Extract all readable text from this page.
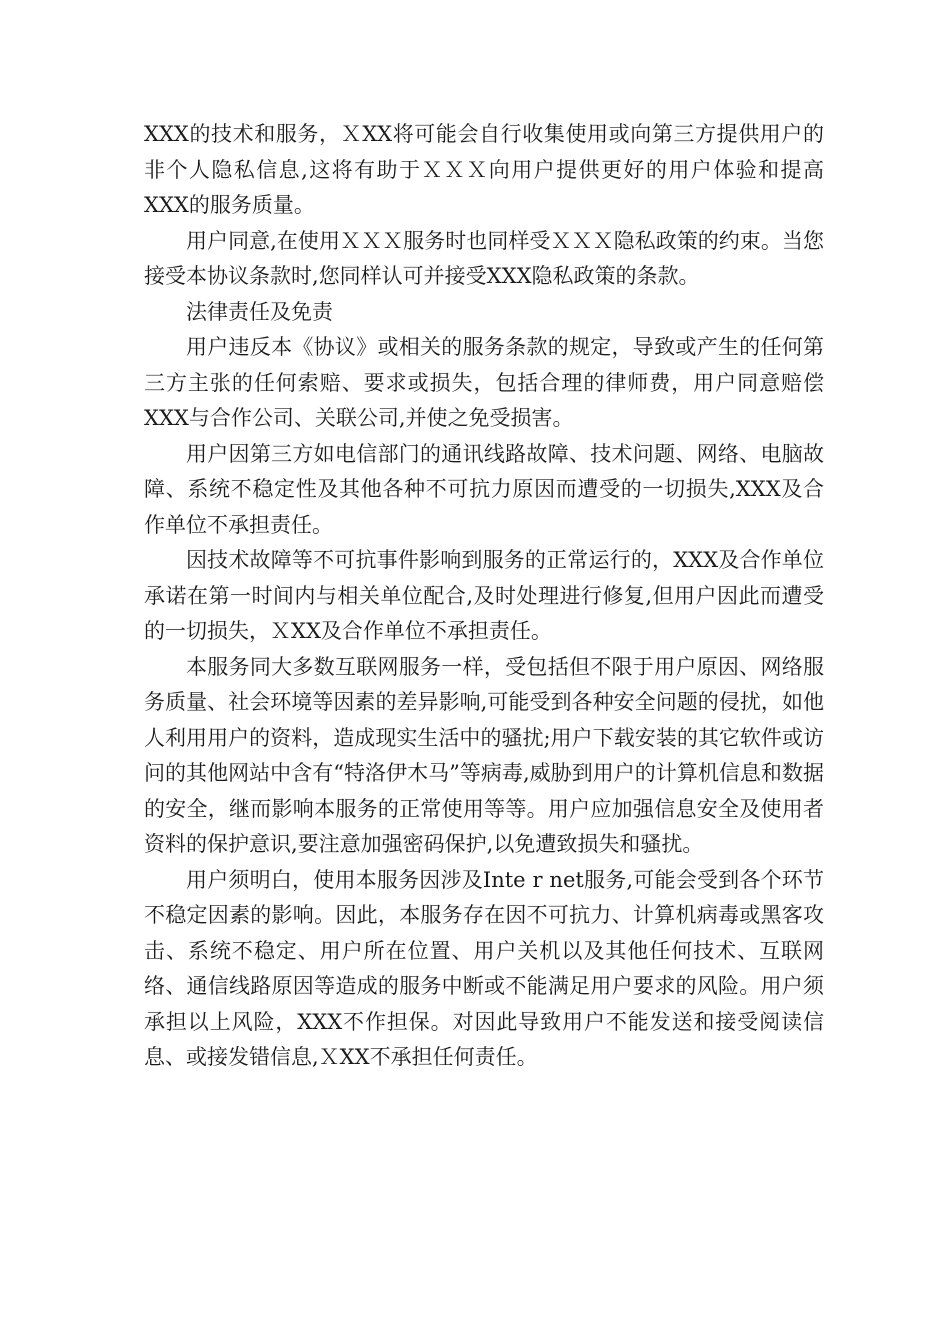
XXX的技术和服务，ＸXX将可能会自行收集使用或向第三方提供用户的非个人隐私信息,这将有助于ＸＸＸ向用户提供更好的用户体验和提高XXX的服务质量。

用户同意,在使用ＸＸＸ服务时也同样受ＸＸＸ隐私政策的约束。当您接受本协议条款时,您同样认可并接受XXX隐私政策的条款。

法律责任及免责

用户违反本《协议》或相关的服务条款的规定，导致或产生的任何第三方主张的任何索赔、要求或损失，包括合理的律师费，用户同意赔偿XXX与合作公司、关联公司,并使之免受损害。

用户因第三方如电信部门的通讯线路故障、技术问题、网络、电脑故障、系统不稳定性及其他各种不可抗力原因而遭受的一切损失,XXX及合作单位不承担责任。

因技术故障等不可抗事件影响到服务的正常运行的，XXX及合作单位承诺在第一时间内与相关单位配合,及时处理进行修复,但用户因此而遭受的一切损失，ＸXX及合作单位不承担责任。

本服务同大多数互联网服务一样，受包括但不限于用户原因、网络服务质量、社会环境等因素的差异影响,可能受到各种安全问题的侵扰，如他人利用用户的资料，造成现实生活中的骚扰;用户下载安装的其它软件或访问的其他网站中含有“特洛伊木马”等病毒,威胁到用户的计算机信息和数据的安全，继而影响本服务的正常使用等等。用户应加强信息安全及使用者资料的保护意识,要注意加强密码保护,以免遭致损失和骚扰。

用户须明白，使用本服务因涉及Inte r net服务,可能会受到各个环节不稳定因素的影响。因此，本服务存在因不可抗力、计算机病毒或黑客攻击、系统不稳定、用户所在位置、用户关机以及其他任何技术、互联网络、通信线路原因等造成的服务中断或不能满足用户要求的风险。用户须承担以上风险，XXX不作担保。对因此导致用户不能发送和接受阅读信息、或接发错信息,ＸXX不承担任何责任。
